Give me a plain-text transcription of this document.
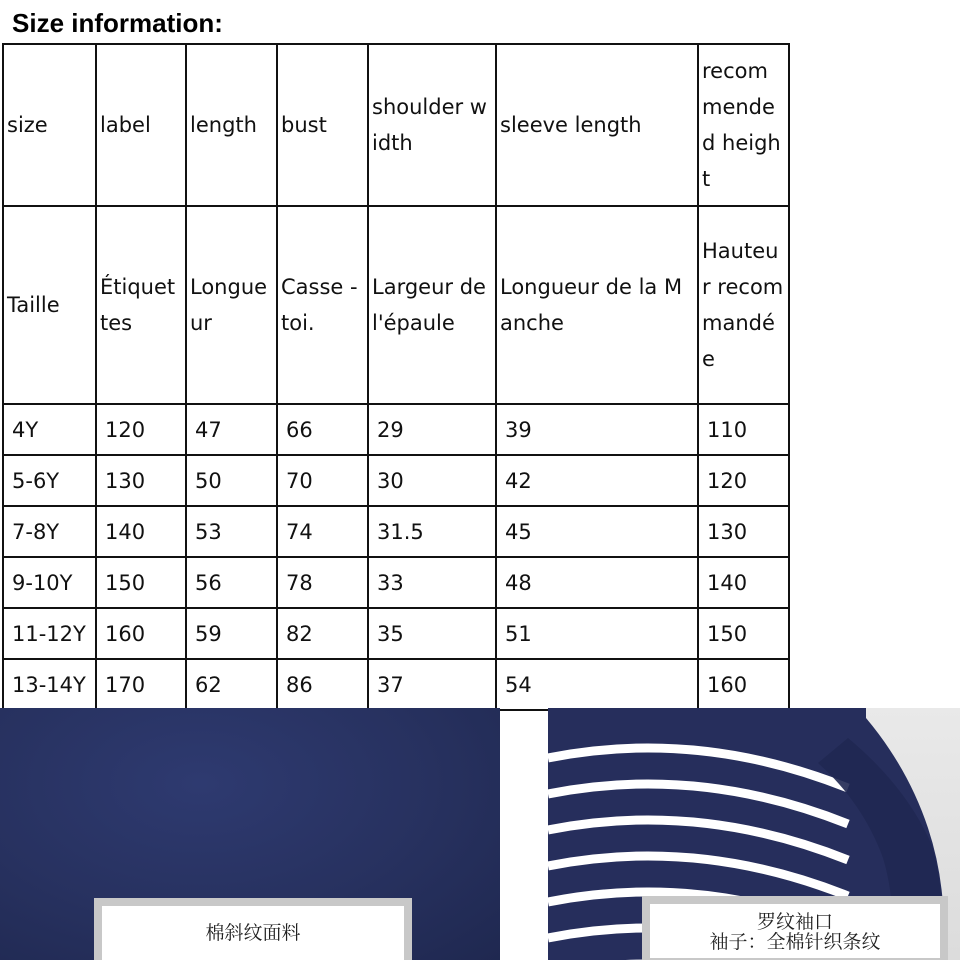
Size information:
size	label	length	bust	shoulder width	sleeve length	recommended height
Taille	Étiquettes	Longueur	Casse - toi.	Largeur de l'épaule	Longueur de la Manche	Hauteur recommandée
4Y	120	47	66	29	39	110
5-6Y	130	50	70	30	42	120
7-8Y	140	53	74	31.5	45	130
9-10Y	150	56	78	33	48	140
11-12Y	160	59	82	35	51	150
13-14Y	170	62	86	37	54	160
棉斜纹面料	罗纹袖口
袖子：全棉针织条纹
